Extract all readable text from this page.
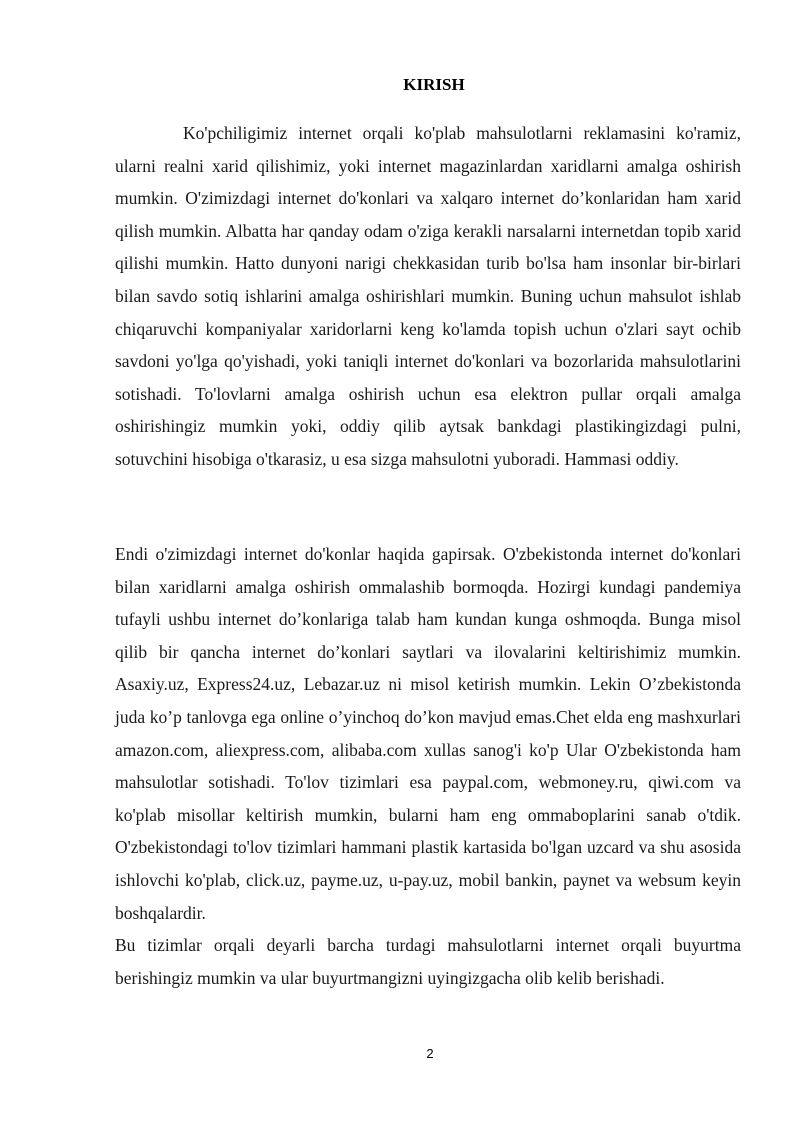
KIRISH

Ko'pchiligimiz internet orqali ko'plab mahsulotlarni reklamasini ko'ramiz, ularni realni xarid qilishimiz, yoki internet magazinlardan xaridlarni amalga oshirish mumkin. O'zimizdagi internet do'konlari va xalqaro internet do’konlaridan ham xarid qilish mumkin. Albatta har qanday odam o'ziga kerakli narsalarni internetdan topib xarid qilishi mumkin. Hatto dunyoni narigi chekkasidan turib bo'lsa ham insonlar bir-birlari bilan savdo sotiq ishlarini amalga oshirishlari mumkin. Buning uchun mahsulot ishlab chiqaruvchi kompaniyalar xaridorlarni keng ko'lamda topish uchun o'zlari sayt ochib savdoni yo'lga qo'yishadi, yoki taniqli internet do'konlari va bozorlarida mahsulotlarini sotishadi. To'lovlarni amalga oshirish uchun esa elektron pullar orqali amalga oshirishingiz mumkin yoki, oddiy qilib aytsak bankdagi plastikingizdagi pulni, sotuvchini hisobiga o'tkarasiz, u esa sizga mahsulotni yuboradi. Hammasi oddiy.

Endi o'zimizdagi internet do'konlar haqida gapirsak. O'zbekistonda internet do'konlari bilan xaridlarni amalga oshirish ommalashib bormoqda. Hozirgi kundagi pandemiya tufayli ushbu internet do’konlariga talab ham kundan kunga oshmoqda. Bunga misol qilib bir qancha internet do’konlari saytlari va ilovalarini keltirishimiz mumkin. Asaxiy.uz, Express24.uz, Lebazar.uz ni misol ketirish mumkin. Lekin O’zbekistonda juda ko’p tanlovga ega online o’yinchoq do’kon mavjud emas.Chet elda eng mashxurlari amazon.com, aliexpress.com, alibaba.com xullas sanog'i ko'p Ular O'zbekistonda ham mahsulotlar sotishadi. To'lov tizimlari esa paypal.com, webmoney.ru, qiwi.com va ko'plab misollar keltirish mumkin, bularni ham eng ommaboplarini sanab o'tdik. O'zbekistondagi to'lov tizimlari hammani plastik kartasida bo'lgan uzcard va shu asosida ishlovchi ko'plab, click.uz, payme.uz, u-pay.uz, mobil bankin, paynet va websum keyin boshqalardir.

Bu tizimlar orqali deyarli barcha turdagi mahsulotlarni internet orqali buyurtma berishingiz mumkin va ular buyurtmangizni uyingizgacha olib kelib berishadi.

2
